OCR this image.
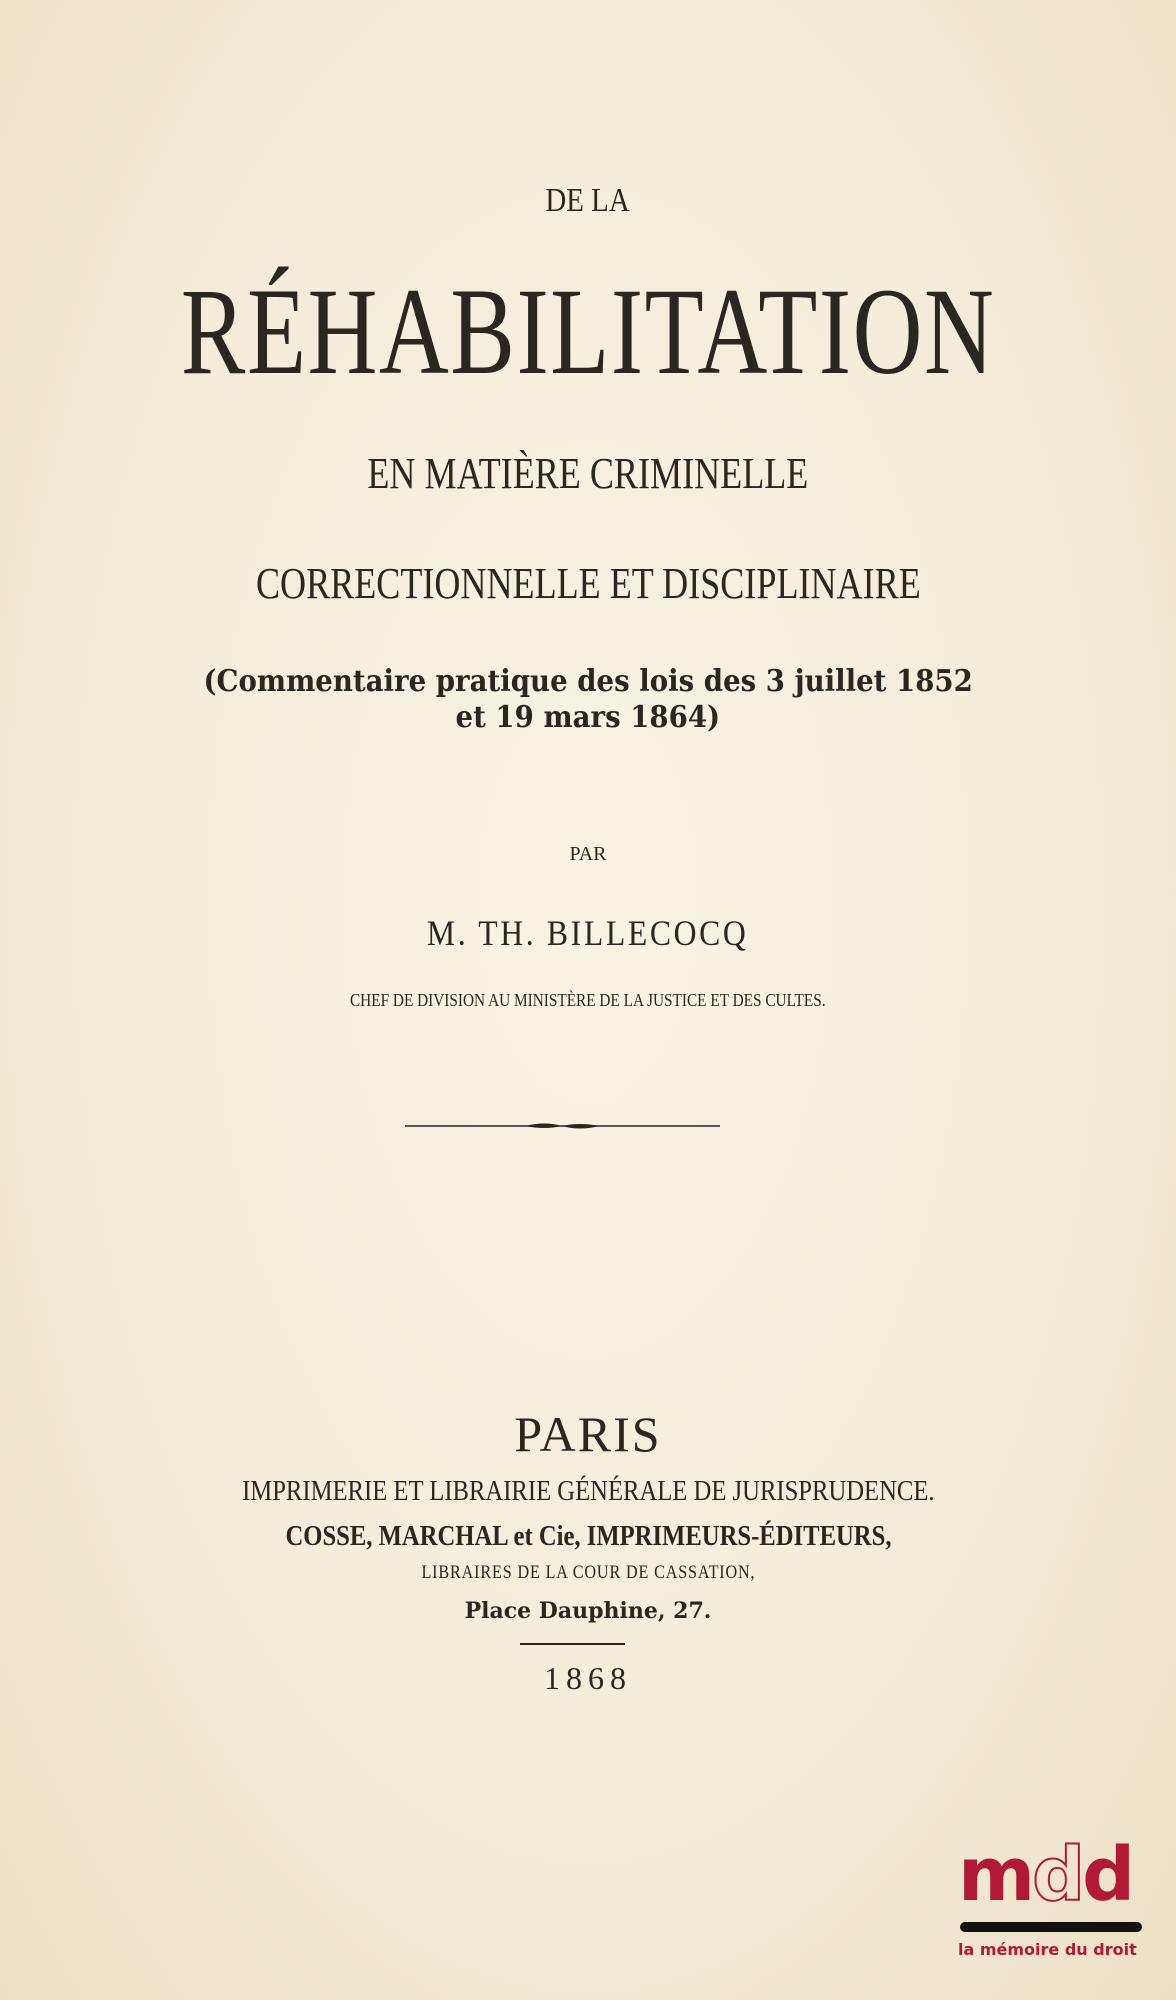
DE LA
RÉHABILITATION
EN MATIÈRE CRIMINELLE
CORRECTIONNELLE ET DISCIPLINAIRE
(Commentaire pratique des lois des 3 juillet 1852
et 19 mars 1864)
PAR
M. TH. BILLECOCQ
CHEF DE DIVISION AU MINISTÈRE DE LA JUSTICE ET DES CULTES.
PARIS
IMPRIMERIE ET LIBRAIRIE GÉNÉRALE DE JURISPRUDENCE.
COSSE, MARCHAL et Cie, IMPRIMEURS-ÉDITEURS,
LIBRAIRES DE LA COUR DE CASSATION,
Place Dauphine, 27.
1868
mdd
la mémoire du droit
